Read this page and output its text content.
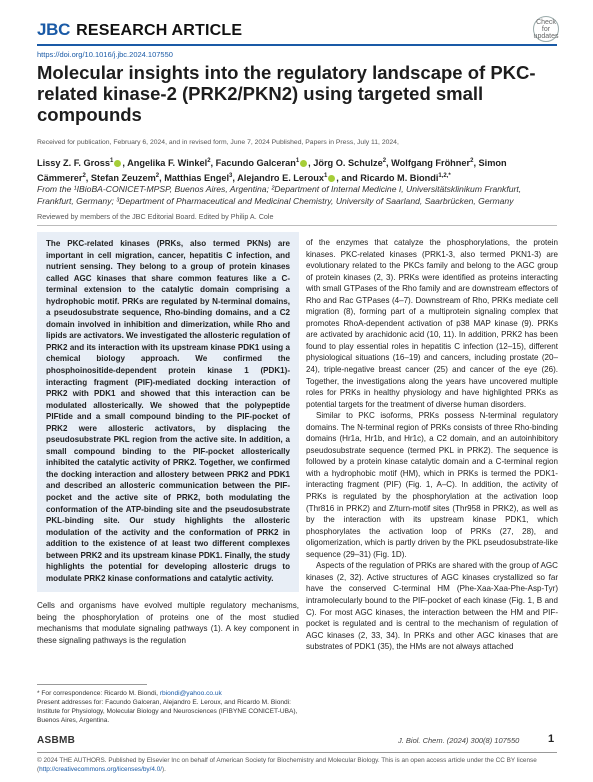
JBC RESEARCH ARTICLE	Check for updates
https://doi.org/10.1016/j.jbc.2024.107550
Molecular insights into the regulatory landscape of PKC-related kinase-2 (PRK2/PKN2) using targeted small compounds
Received for publication, February 6, 2024, and in revised form, June 7, 2024 Published, Papers in Press, July 11, 2024,
Lissy Z. F. Gross$^1$ , Angelika F. Winkel$^2$, Facundo Galceran$^1$ , Jörg O. Schulze$^2$, Wolfgang Fröhner$^2$, Simon Cämmerer$^2$, Stefan Zeuzem$^2$, Matthias Engel$^3$, Alejandro E. Leroux$^1$ , and Ricardo M. Biondi$^{1,2,*}$
From the ¹IBioBA-CONICET-MPSP, Buenos Aires, Argentina; ²Department of Internal Medicine I, Universitätsklinikum Frankfurt, Frankfurt, Germany; ³Department of Pharmaceutical and Medicinal Chemistry, University of Saarland, Saarbrücken, Germany
Reviewed by members of the JBC Editorial Board. Edited by Philip A. Cole
The PKC-related kinases (PRKs, also termed PKNs) are important in cell migration, cancer, hepatitis C infection, and nutrient sensing. They belong to a group of protein kinases called AGC kinases that share common features like a C-terminal extension to the catalytic domain comprising a hydrophobic motif. PRKs are regulated by N-terminal domains, a pseudosubstrate sequence, Rho-binding domains, and a C2 domain involved in inhibition and dimerization, while Rho and lipids are activators. We investigated the allosteric regulation of PRK2 and its interaction with its upstream kinase PDK1 using a chemical biology approach. We confirmed the phosphoinositide-dependent protein kinase 1 (PDK1)-interacting fragment (PIF)-mediated docking interaction of PRK2 with PDK1 and showed that this interaction can be modulated allosterically. We showed that the polypeptide PIFtide and a small compound binding to the PIF-pocket of PRK2 were allosteric activators, by displacing the pseudosubstrate PKL region from the active site. In addition, a small compound binding to the PIF-pocket allosterically inhibited the catalytic activity of PRK2. Together, we confirmed the docking interaction and allostery between PRK2 and PDK1 and described an allosteric communication between the PIF-pocket and the active site of PRK2, both modulating the conformation of the ATP-binding site and the pseudosubstrate PKL-binding site. Our study highlights the allosteric modulation of the activity and the conformation of PRK2 in addition to the existence of at least two different complexes between PRK2 and its upstream kinase PDK1. Finally, the study highlights the potential for developing allosteric drugs to modulate PRK2 kinase conformations and catalytic activity.
Cells and organisms have evolved multiple regulatory mechanisms, being the phosphorylation of proteins one of the most studied mechanisms that modulate signaling pathways (1). A key component in these signaling pathways is the regulation

of the enzymes that catalyze the phosphorylations, the protein kinases. PKC-related kinases (PRK1-3, also termed PKN1-3) are evolutionary related to the PKCs family and belong to the AGC group of protein kinases (2, 3). PRKs were identified as proteins interacting with small GTPases of the Rho family and are downstream effectors of Rho and Rac GTPases (4–7). Downstream of Rho, PRKs mediate cell migration (8), forming part of a multiprotein signaling complex that promotes RhoA-dependent activation of p38 MAP kinase (9). PRKs are activated by arachidonic acid (10, 11). In addition, PRK2 has been found to play essential roles in hepatitis C infection (12–15), different physiological situations (16–19) and cancers, including prostate (20–24), triple-negative breast cancer (25) and cancer of the eye (26). Together, the investigations along the years have uncovered multiple roles for PRKs in healthy physiology and have highlighted PRKs as potential targets for the treatment of diverse human disorders.

Similar to PKC isoforms, PRKs possess N-terminal regulatory domains. The N-terminal region of PRKs consists of three Rho-binding domains (Hr1a, Hr1b, and Hr1c), a C2 domain, and an autoinhibitory pseudosubstrate sequence (termed PKL in PRK2). The sequence is followed by a protein kinase catalytic domain and a C-terminal region with a hydrophobic motif (HM), which in PRKs is termed the PDK1-interacting fragment (PIF) (Fig. 1, A–C). In addition, the activity of PRKs is regulated by the phosphorylation at the activation loop (Thr816 in PRK2) and Z/turn-motif sites (Thr958 in PRK2), as well as by the interaction with its upstream kinase PDK1, which phosphorylates the activation loop of PRKs (27, 28), and oligomerization, which is partly driven by the PKL pseudosubstrate-like sequence (29–31) (Fig. 1D).

Aspects of the regulation of PRKs are shared with the group of AGC kinases (2, 32). Active structures of AGC kinases crystallized so far have the conserved C-terminal HM (Phe-Xaa-Xaa-Phe-Asp-Tyr) intramolecularly bound to the PIF-pocket of each kinase (Fig. 1, B and C). For most AGC kinases, the interaction between the HM and PIF-pocket is regulated and is central to the mechanism of regulation of AGC kinases (2, 33, 34). In PRKs and other AGC kinases that are substrates of PDK1 (35), the HMs are not always attached

* For correspondence: Ricardo M. Biondi, rbiondi@yahoo.co.uk
Present addresses for: Facundo Galceran, Alejandro E. Leroux, and Ricardo M. Biondi: Institute for Physiology, Molecular Biology and Neurosciences (IFIBYNE CONICET-UBA), Buenos Aires, Argentina.
ASBMB	J. Biol. Chem. (2024) 300(8) 107550	1
© 2024 THE AUTHORS. Published by Elsevier Inc on behalf of American Society for Biochemistry and Molecular Biology. This is an open access article under the CC BY license (http://creativecommons.org/licenses/by/4.0/).
